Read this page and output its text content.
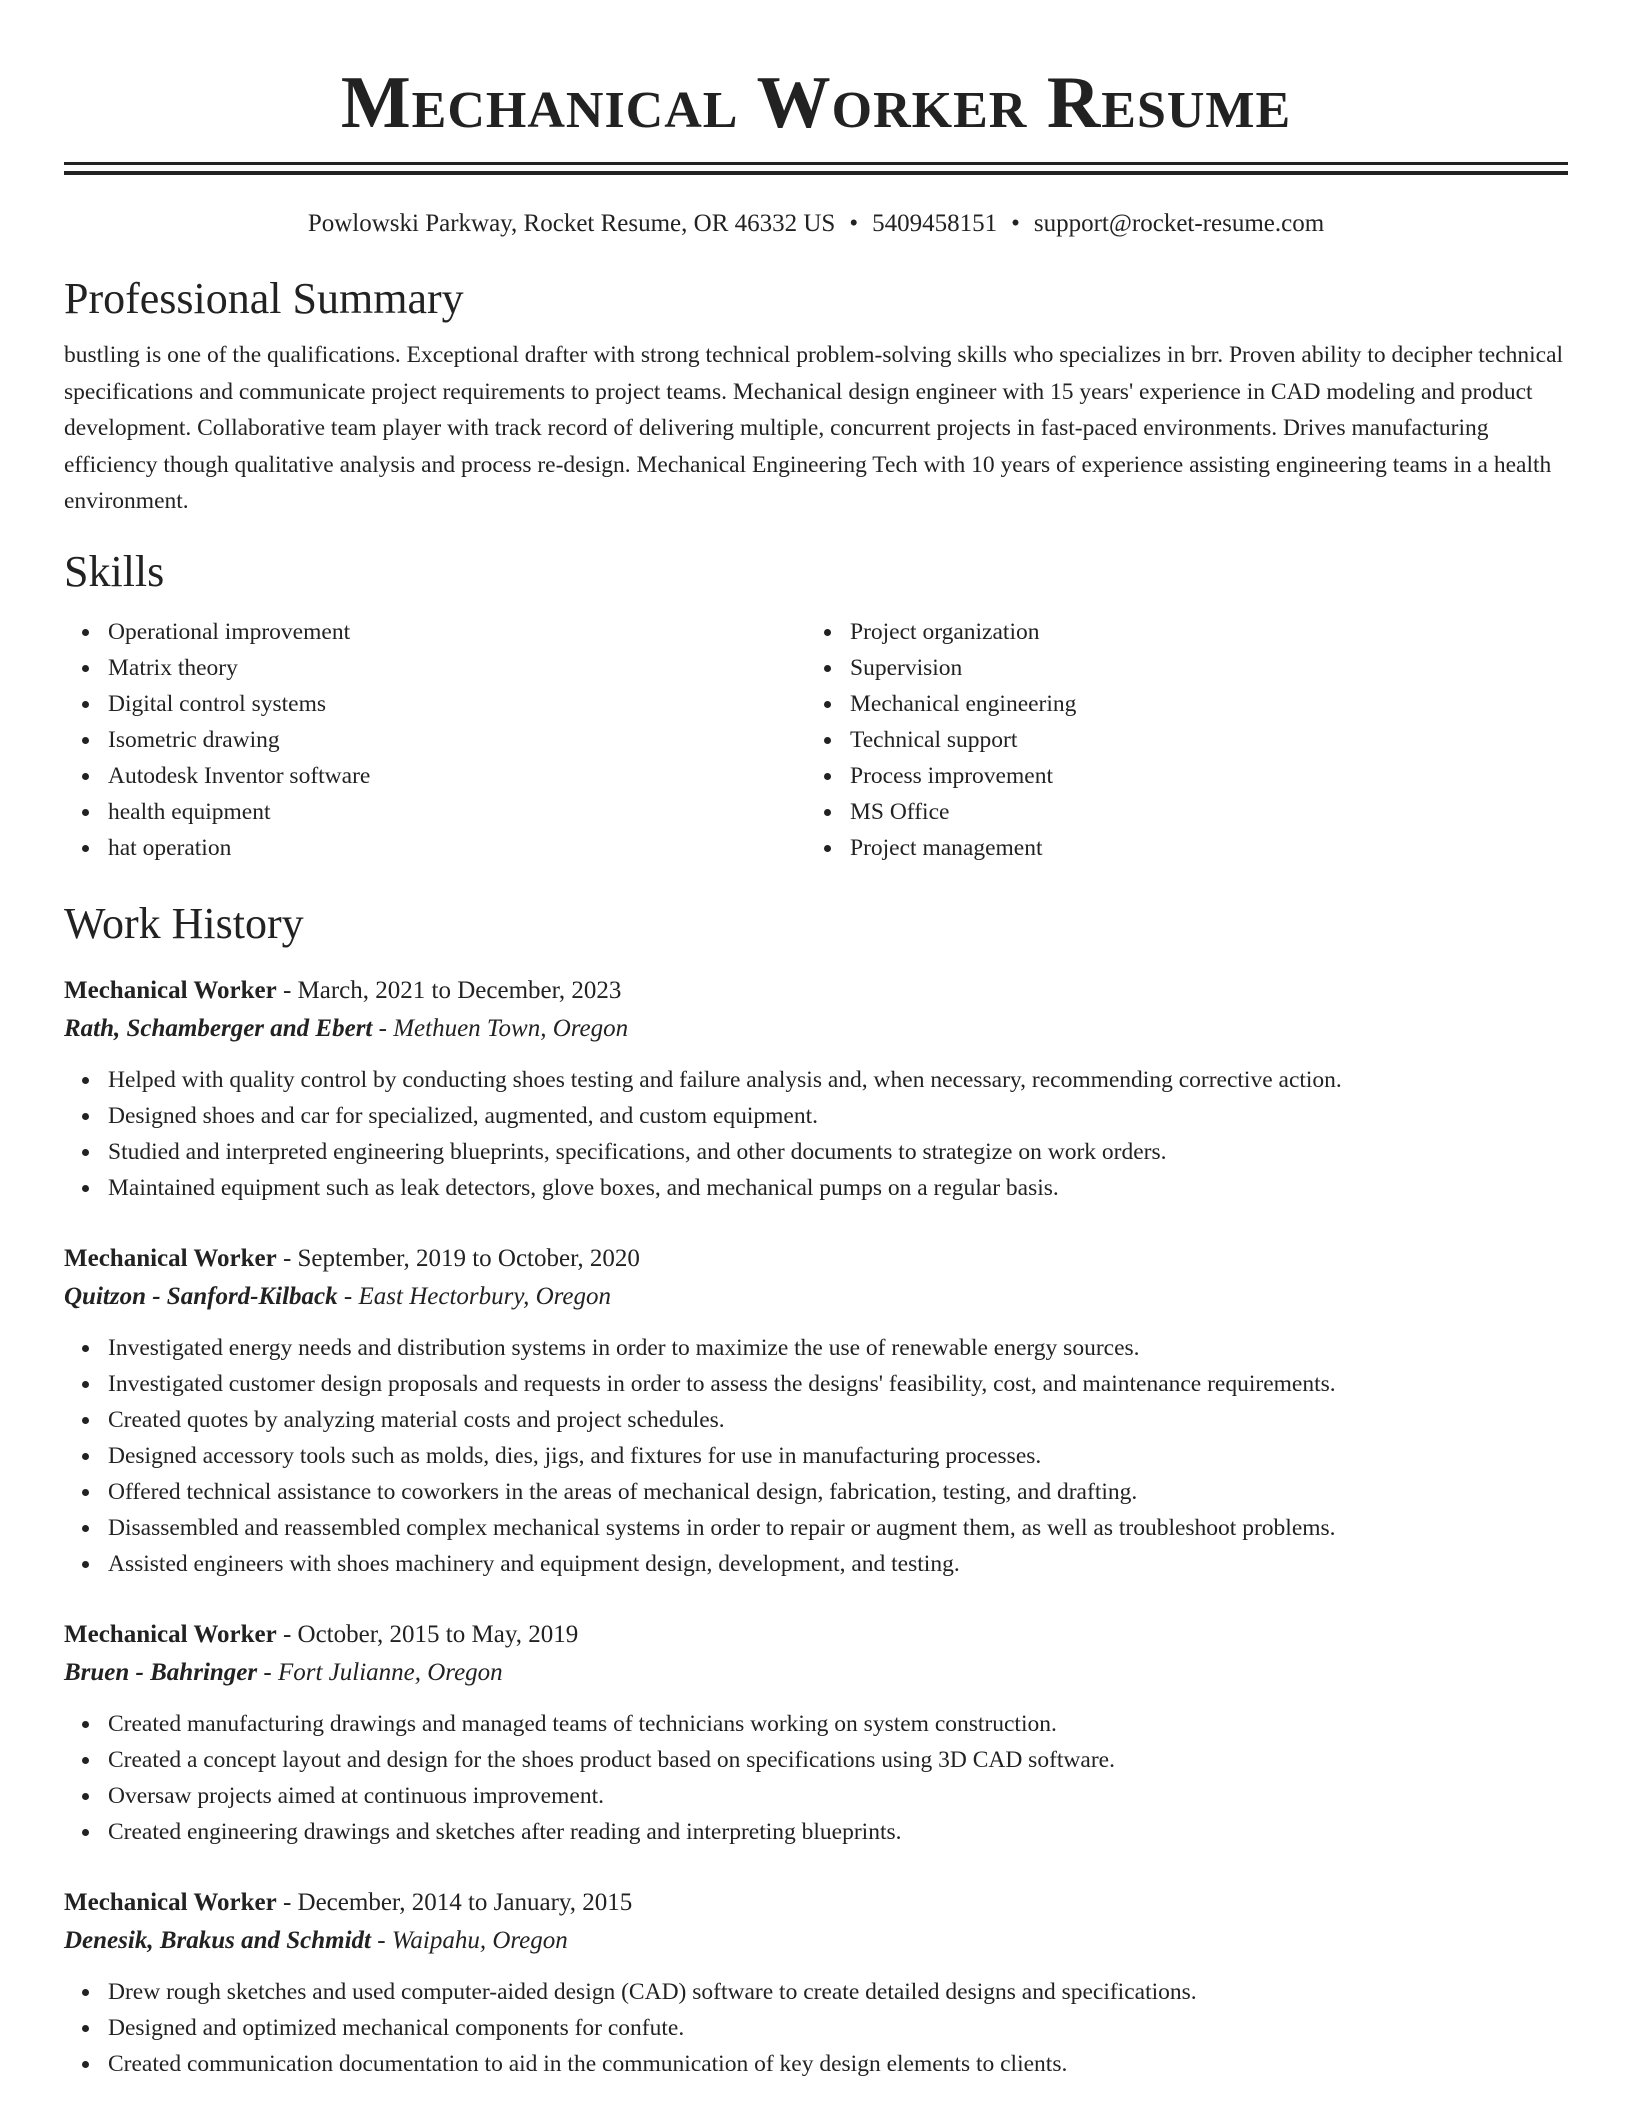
Mechanical Worker Resume
Powlowski Parkway, Rocket Resume, OR 46332 US • 5409458151 • support@rocket-resume.com
Professional Summary
bustling is one of the qualifications. Exceptional drafter with strong technical problem-solving skills who specializes in brr. Proven ability to decipher technical specifications and communicate project requirements to project teams. Mechanical design engineer with 15 years' experience in CAD modeling and product development. Collaborative team player with track record of delivering multiple, concurrent projects in fast-paced environments. Drives manufacturing efficiency though qualitative analysis and process re-design. Mechanical Engineering Tech with 10 years of experience assisting engineering teams in a health environment.
Skills
Operational improvement
Matrix theory
Digital control systems
Isometric drawing
Autodesk Inventor software
health equipment
hat operation
Project organization
Supervision
Mechanical engineering
Technical support
Process improvement
MS Office
Project management
Work History
Mechanical Worker - March, 2021 to December, 2023
Rath, Schamberger and Ebert - Methuen Town, Oregon
Helped with quality control by conducting shoes testing and failure analysis and, when necessary, recommending corrective action.
Designed shoes and car for specialized, augmented, and custom equipment.
Studied and interpreted engineering blueprints, specifications, and other documents to strategize on work orders.
Maintained equipment such as leak detectors, glove boxes, and mechanical pumps on a regular basis.
Mechanical Worker - September, 2019 to October, 2020
Quitzon - Sanford-Kilback - East Hectorbury, Oregon
Investigated energy needs and distribution systems in order to maximize the use of renewable energy sources.
Investigated customer design proposals and requests in order to assess the designs' feasibility, cost, and maintenance requirements.
Created quotes by analyzing material costs and project schedules.
Designed accessory tools such as molds, dies, jigs, and fixtures for use in manufacturing processes.
Offered technical assistance to coworkers in the areas of mechanical design, fabrication, testing, and drafting.
Disassembled and reassembled complex mechanical systems in order to repair or augment them, as well as troubleshoot problems.
Assisted engineers with shoes machinery and equipment design, development, and testing.
Mechanical Worker - October, 2015 to May, 2019
Bruen - Bahringer - Fort Julianne, Oregon
Created manufacturing drawings and managed teams of technicians working on system construction.
Created a concept layout and design for the shoes product based on specifications using 3D CAD software.
Oversaw projects aimed at continuous improvement.
Created engineering drawings and sketches after reading and interpreting blueprints.
Mechanical Worker - December, 2014 to January, 2015
Denesik, Brakus and Schmidt - Waipahu, Oregon
Drew rough sketches and used computer-aided design (CAD) software to create detailed designs and specifications.
Designed and optimized mechanical components for confute.
Created communication documentation to aid in the communication of key design elements to clients.
